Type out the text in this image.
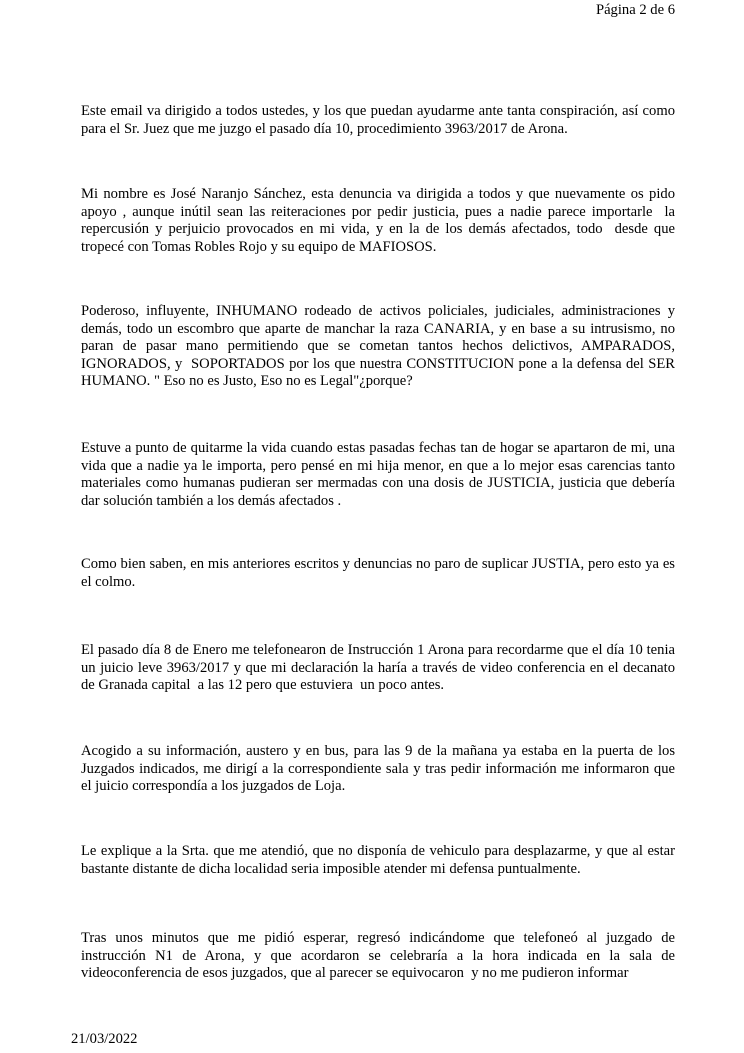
Página 2 de 6

Este email va dirigido a todos ustedes, y los que puedan ayudarme ante tanta conspiración, así como para el Sr. Juez que me juzgo el pasado día 10, procedimiento 3963/2017 de Arona.

Mi nombre es José Naranjo Sánchez, esta denuncia va dirigida a todos y que nuevamente os pido apoyo , aunque inútil sean las reiteraciones por pedir justicia, pues a nadie parece importarle  la repercusión y perjuicio provocados en mi vida, y en la de los demás afectados, todo  desde que tropecé con Tomas Robles Rojo y su equipo de MAFIOSOS.

Poderoso, influyente, INHUMANO rodeado de activos policiales, judiciales, administraciones y demás, todo un escombro que aparte de manchar la raza CANARIA, y en base a su intrusismo, no paran de pasar mano permitiendo que se cometan tantos hechos delictivos, AMPARADOS, IGNORADOS, y  SOPORTADOS por los que nuestra CONSTITUCION pone a la defensa del SER HUMANO. " Eso no es Justo, Eso no es Legal"¿porque?

Estuve a punto de quitarme la vida cuando estas pasadas fechas tan de hogar se apartaron de mi, una vida que a nadie ya le importa, pero pensé en mi hija menor, en que a lo mejor esas carencias tanto materiales como humanas pudieran ser mermadas con una dosis de JUSTICIA, justicia que debería dar solución también a los demás afectados .

Como bien saben, en mis anteriores escritos y denuncias no paro de suplicar JUSTIA, pero esto ya es el colmo.

El pasado día 8 de Enero me telefonearon de Instrucción 1 Arona para recordarme que el día 10 tenia un juicio leve 3963/2017 y que mi declaración la haría a través de video conferencia en el decanato de Granada capital  a las 12 pero que estuviera  un poco antes.

Acogido a su información, austero y en bus, para las 9 de la mañana ya estaba en la puerta de los Juzgados indicados, me dirigí a la correspondiente sala y tras pedir información me informaron que el juicio correspondía a los juzgados de Loja.

Le explique a la Srta. que me atendió, que no disponía de vehiculo para desplazarme, y que al estar bastante distante de dicha localidad seria imposible atender mi defensa puntualmente.

Tras unos minutos que me pidió esperar, regresó indicándome que telefoneó al juzgado de instrucción N1 de Arona, y que acordaron se celebraría a la hora indicada en la sala de videoconferencia de esos juzgados, que al parecer se equivocaron  y no me pudieron informar

21/03/2022
